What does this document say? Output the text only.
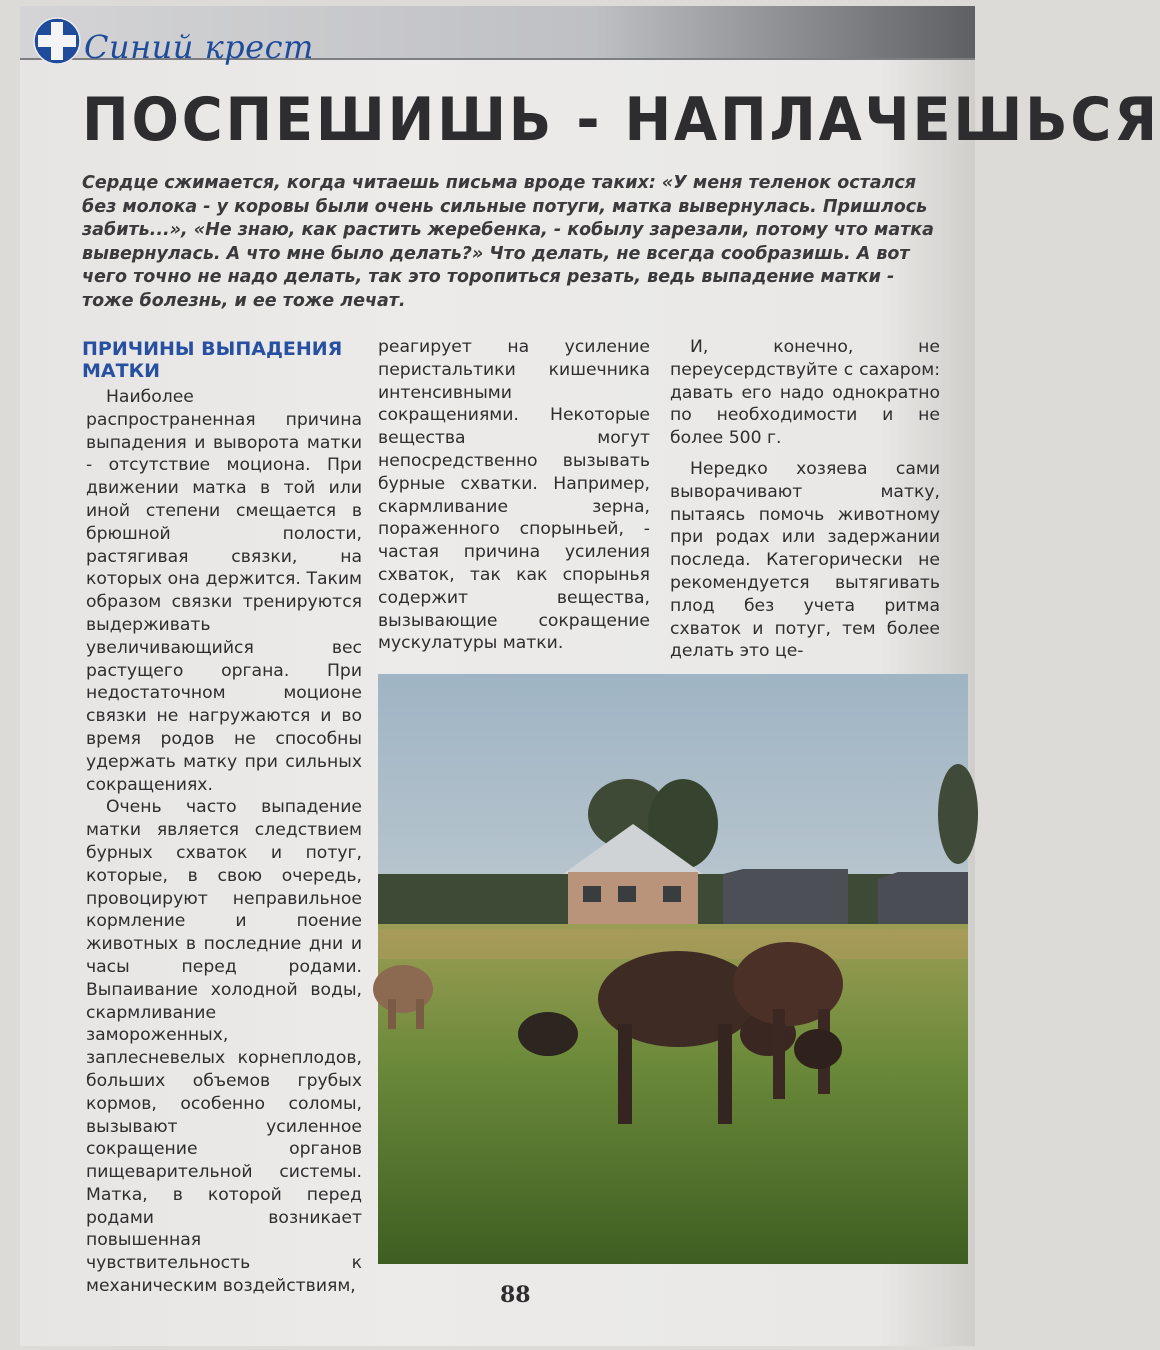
Синий крест
ПОСПЕШИШЬ - НАПЛАЧЕШЬСЯ

Сердце сжимается, когда читаешь письма вроде таких: «У меня теленок остался без молока - у коровы были очень сильные потуги, матка вывернулась. Пришлось забить...», «Не знаю, как растить жеребенка, - кобылу зарезали, потому что матка вывернулась. А что мне было делать?» Что делать, не всегда сообразишь. А вот чего точно не надо делать, так это торопиться резать, ведь выпадение матки - тоже болезнь, и ее тоже лечат.

ПРИЧИНЫ ВЫПАДЕНИЯ МАТКИ

Наиболее распространенная причина выпадения и выворота матки - отсутствие моциона. При движении матка в той или иной степени смещается в брюшной полости, растягивая связки, на которых она держится. Таким образом связки тренируются выдерживать увеличивающийся вес растущего органа. При недостаточном моционе связки не нагружаются и во время родов не способны удержать матку при сильных сокращениях.

Очень часто выпадение матки является следствием бурных схваток и потуг, которые, в свою очередь, провоцируют неправильное кормление и поение животных в последние дни и часы перед родами. Выпаивание холодной воды, скармливание замороженных, заплесневелых корнеплодов, больших объемов грубых кормов, особенно соломы, вызывают усиленное сокращение органов пищеварительной системы. Матка, в которой перед родами возникает повышенная чувствительность к механическим воздействиям,

реагирует на усиление перистальтики кишечника интенсивными сокращениями. Некоторые вещества могут непосредственно вызывать бурные схватки. Например, скармливание зерна, пораженного спорыньей, - частая причина усиления схваток, так как спорынья содержит вещества, вызывающие сокращение мускулатуры матки.

И, конечно, не переусердствуйте с сахаром: давать его надо однократно по необходимости и не более 500 г.

Нередко хозяева сами выворачивают матку, пытаясь помочь животному при родах или задержании последа. Категорически не рекомендуется вытягивать плод без учета ритма схваток и потуг, тем более делать это це-

88
